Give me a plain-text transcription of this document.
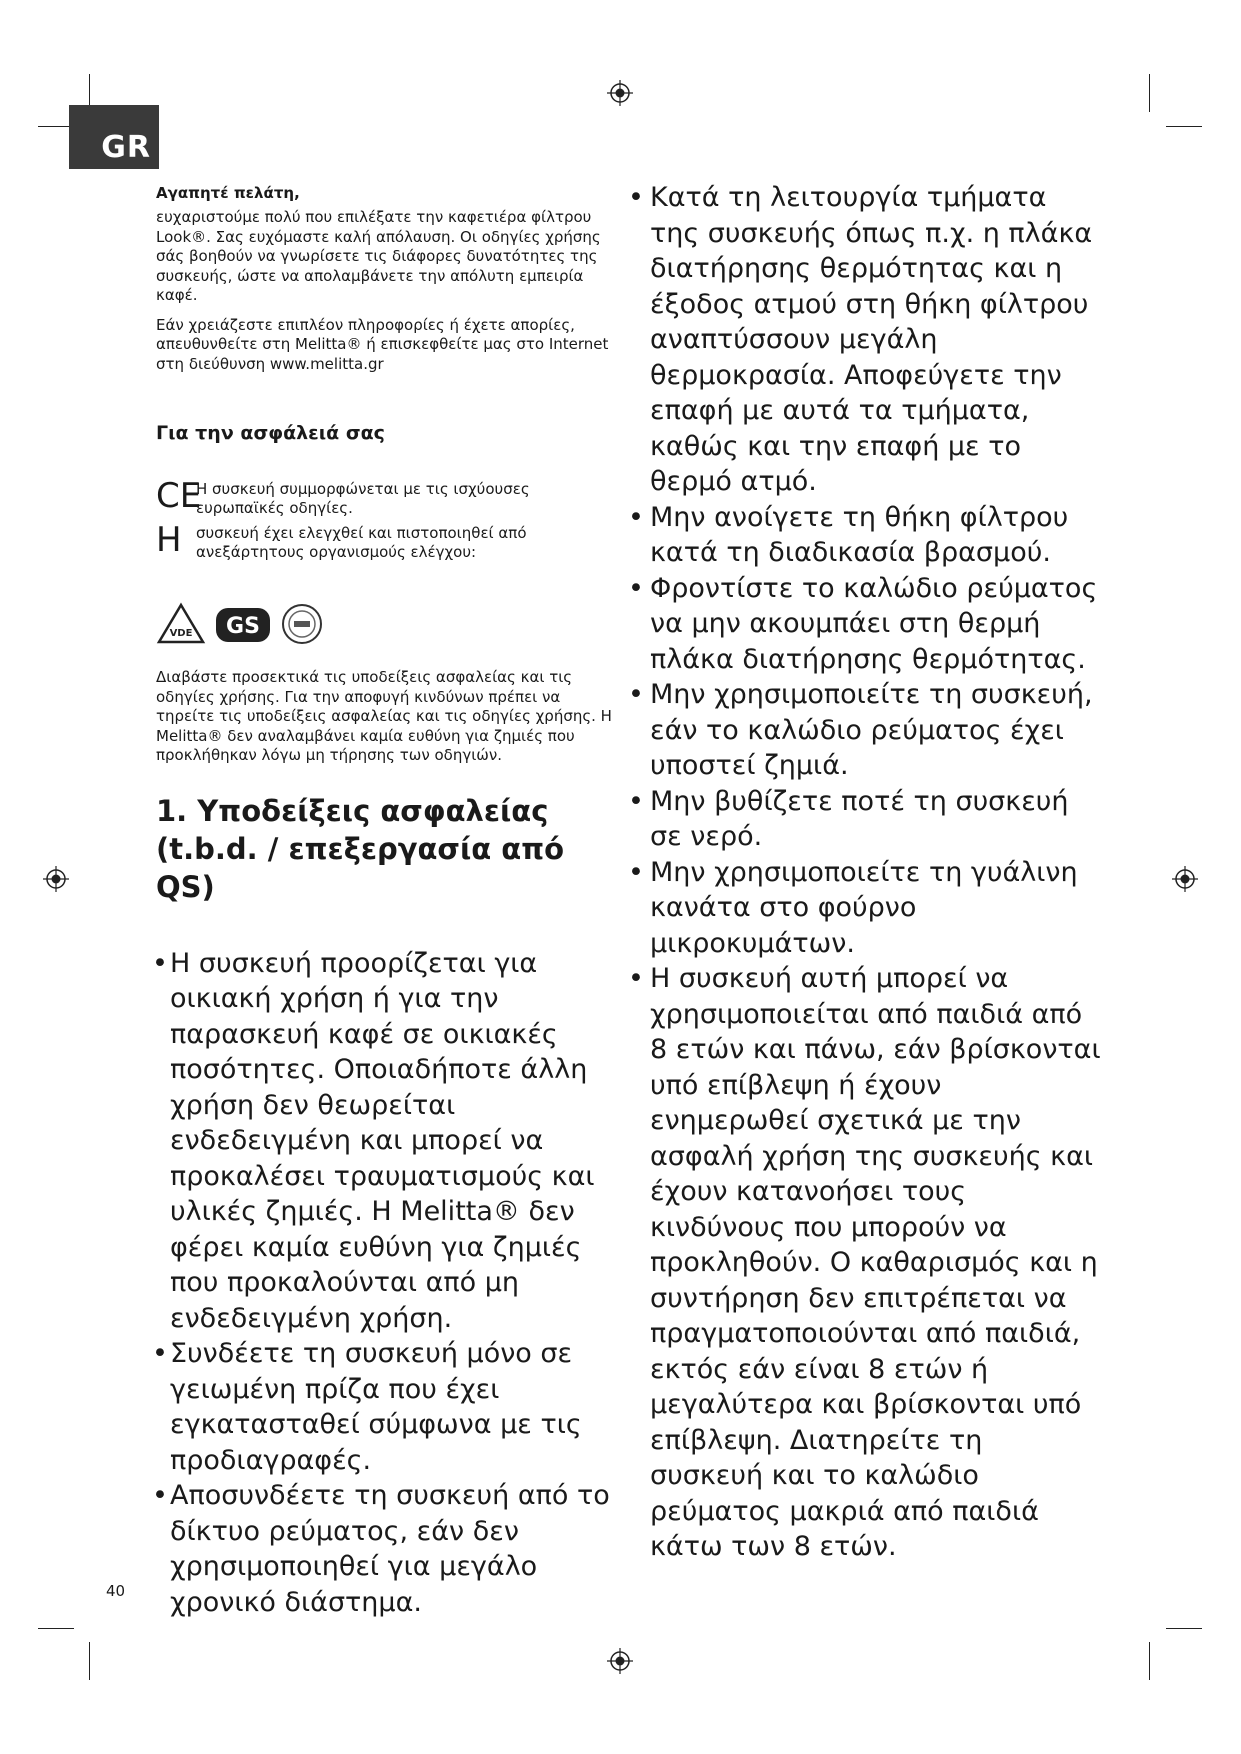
GR
Αγαπητέ πελάτη,

ευχαριστούμε πολύ που επιλέξατε την καφετιέρα φίλτρου Look®. Σας ευχόμαστε καλή απόλαυση. Οι οδηγίες χρήσης σάς βοηθούν να γνωρίσετε τις διάφορες δυνατότητες της συσκευής, ώστε να απολαμβάνετε την απόλυτη εμπειρία καφέ.

Εάν χρειάζεστε επιπλέον πληροφορίες ή έχετε απορίες, απευθυνθείτε στη Melitta® ή επισκεφθείτε μας στο Internet στη διεύθυνση www.melitta.gr

Για την ασφάλειά σας
CE
Η συσκευή συμμορφώνεται με τις ισχύουσες ευρωπαϊκές οδηγίες.
H συσκευή έχει ελεγχθεί και πιστοποιηθεί από ανεξάρτητους οργανισμούς ελέγχου:
VDE GS

Διαβάστε προσεκτικά τις υποδείξεις ασφαλείας και τις οδηγίες χρήσης. Για την αποφυγή κινδύνων πρέπει να τηρείτε τις υποδείξεις ασφαλείας και τις οδηγίες χρήσης. Η Melitta® δεν αναλαμβάνει καμία ευθύνη για ζημιές που προκλήθηκαν λόγω μη τήρησης των οδηγιών.

1. Υποδείξεις ασφαλείας
(t.b.d. / επεξεργασία από QS)
• Η συσκευή προορίζεται για οικιακή χρήση ή για την παρασκευή καφέ σε οικιακές ποσότητες. Οποιαδήποτε άλλη χρήση δεν θεωρείται ενδεδειγμένη και μπορεί να προκαλέσει τραυματισμούς και υλικές ζημιές. Η Melitta® δεν φέρει καμία ευθύνη για ζημιές που προκαλούνται από μη ενδεδειγμένη χρήση.
• Συνδέετε τη συσκευή μόνο σε γειωμένη πρίζα που έχει εγκατασταθεί σύμφωνα με τις προδιαγραφές.
• Αποσυνδέετε τη συσκευή από το δίκτυο ρεύματος, εάν δεν χρησιμοποιηθεί για μεγάλο χρονικό διάστημα.
• Κατά τη λειτουργία τμήματα της συσκευής όπως π.χ. η πλάκα διατήρησης θερμότητας και η έξοδος ατμού στη θήκη φίλτρου αναπτύσσουν μεγάλη θερμοκρασία. Αποφεύγετε την επαφή με αυτά τα τμήματα, καθώς και την επαφή με το θερμό ατμό.
• Μην ανοίγετε τη θήκη φίλτρου κατά τη διαδικασία βρασμού.
• Φροντίστε το καλώδιο ρεύματος να μην ακουμπάει στη θερμή πλάκα διατήρησης θερμότητας.
• Μην χρησιμοποιείτε τη συσκευή, εάν το καλώδιο ρεύματος έχει υποστεί ζημιά.
• Μην βυθίζετε ποτέ τη συσκευή σε νερό.
• Μην χρησιμοποιείτε τη γυάλινη κανάτα στο φούρνο μικροκυμάτων.
• Η συσκευή αυτή μπορεί να χρησιμοποιείται από παιδιά από 8 ετών και πάνω, εάν βρίσκονται υπό επίβλεψη ή έχουν ενημερωθεί σχετικά με την ασφαλή χρήση της συσκευής και έχουν κατανοήσει τους κινδύνους που μπορούν να προκληθούν. Ο καθαρισμός και η συντήρηση δεν επιτρέπεται να πραγματοποιούνται από παιδιά, εκτός εάν είναι 8 ετών ή μεγαλύτερα και βρίσκονται υπό επίβλεψη. Διατηρείτε τη συσκευή και το καλώδιο ρεύματος μακριά από παιδιά κάτω των 8 ετών.
40
